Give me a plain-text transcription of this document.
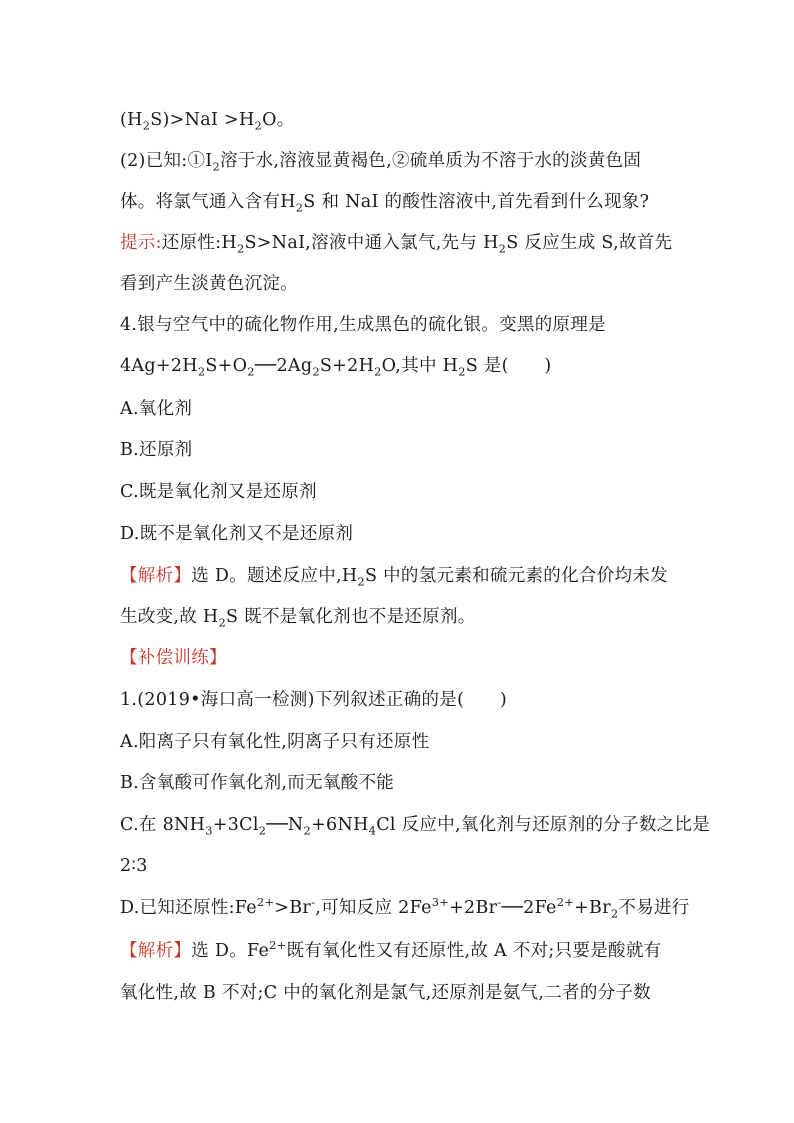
$(H_2S)>NaI >H_2O$。
(2)已知$:①I_2$溶于水,溶液显黄褐色,②硫单质为不溶于水的淡黄色固
体。将氯气通入含有$H_2S$ 和 NaI 的酸性溶液中,首先看到什么现象?
提示:还原性$:H_2S>NaI$,溶液中通入氯气,先与 $H_2S$ 反应生成 S,故首先
看到产生淡黄色沉淀。
4.银与空气中的硫化物作用,生成黑色的硫化银。变黑的原理是
$4Ag+2H_2S+O_2──2Ag_2S+2H_2O$,其中 $H_2S$ 是(　　)
A.氧化剂
B.还原剂
C.既是氧化剂又是还原剂
D.既不是氧化剂又不是还原剂
【解析】选 D。题述反应中$,H_2S$ 中的氢元素和硫元素的化合价均未发
生改变,故 $H_2S$ 既不是氧化剂也不是还原剂。
【补偿训练】
1.(2019•海口高一检测)下列叙述正确的是(　　)
A.阳离子只有氧化性,阴离子只有还原性
B.含氧酸可作氧化剂,而无氧酸不能
C.在 $8NH_3+3Cl_2──N_2+6NH_4Cl$ 反应中,氧化剂与还原剂的分子数之比是
2∶3
D.已知还原性$:Fe^{2+}>Br^-$,可知反应 $2Fe^{3+}+2Br^-──2Fe^{2+}+Br_2$不易进行
【解析】选 D。$Fe^{2+}$既有氧化性又有还原性,故 A 不对;只要是酸就有
氧化性,故 B 不对;C 中的氧化剂是氯气,还原剂是氨气,二者的分子数
